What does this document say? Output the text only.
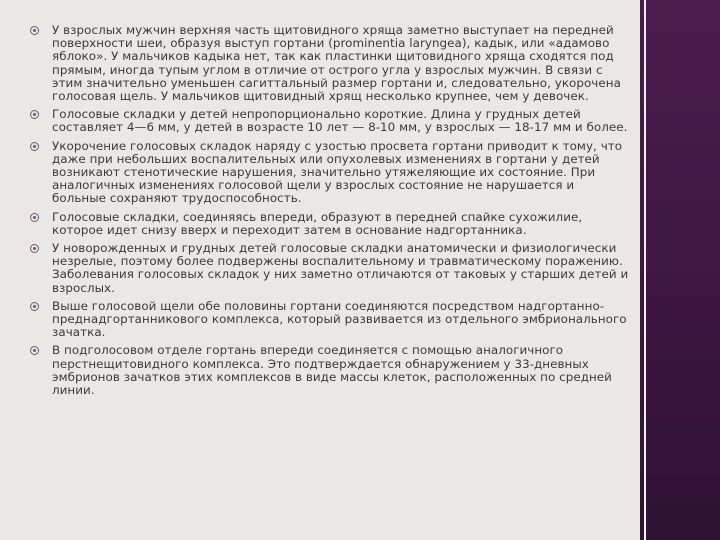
У взрослых мужчин верхняя часть щитовидного хряща заметно выступает на передней поверхности шеи, образуя выступ гортани (prominentia laryngea), кадык, или «адамово яблоко». У мальчиков кадыка нет, так как пластинки щитовидного хряща сходятся под прямым, иногда тупым углом в отличие от острого угла у взрослых мужчин. В связи с этим значительно уменьшен сагиттальный размер гортани и, следовательно, укорочена голосовая щель. У мальчиков щитовидный хрящ несколько крупнее, чем у девочек.
Голосовые складки у детей непропорционально короткие. Длина у грудных детей составляет 4—6 мм, у детей в возрасте 10 лет — 8-10 мм, у взрослых — 18-17 мм и более.
Укорочение голосовых складок наряду с узостью просвета гортани приводит к тому, что даже при небольших воспалительных или опухолевых изменениях в гортани у детей возникают стенотические нарушения, значительно утяжеляющие их состояние. При аналогичных изменениях голосовой щели у взрослых состояние не нарушается и больные сохраняют трудоспособность.
Голосовые складки, соединяясь впереди, образуют в передней спайке сухожилие, которое идет снизу вверх и переходит затем в основание надгортанника.
У новорожденных и грудных детей голосовые складки анатомически и физиологически незрелые, поэтому более подвержены воспалительному и травматическому поражению. Заболевания голосовых складок у них заметно отличаются от таковых у старших детей и взрослых.
Выше голосовой щели обе половины гортани соединяются посредством надгортанно-преднадгортанникового комплекса, который развивается из отдельного эмбрионального зачатка.
В подголосовом отделе гортань впереди соединяется с помощью аналогичного перстнещитовидного комплекса. Это подтверждается обнаружением у 33-дневных эмбрионов зачатков этих комплексов в виде массы клеток, расположенных по средней линии.
